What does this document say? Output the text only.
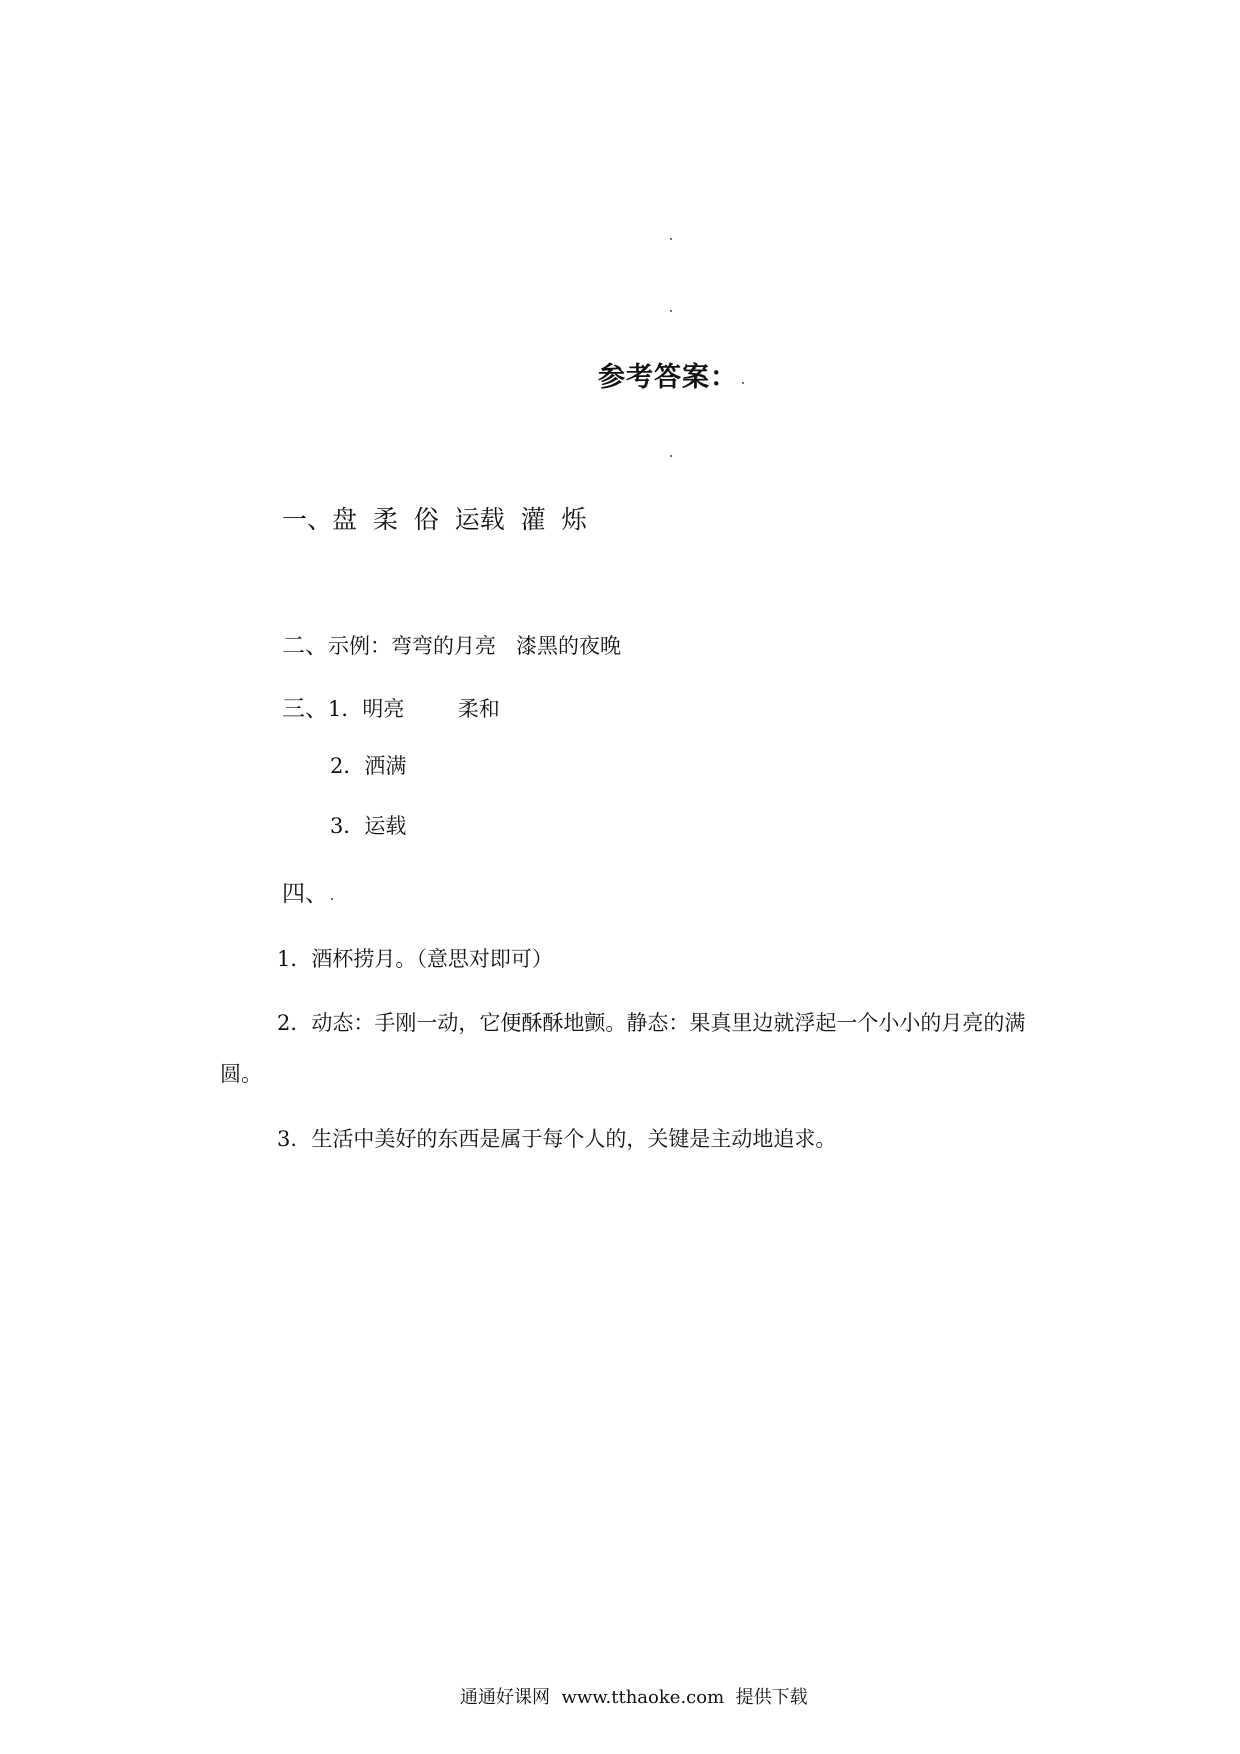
参考答案：
一、盘  柔  俗  运载  灌  烁
二、示例：弯弯的月亮   漆黑的夜晚
三、1．明亮        柔和
2．洒满
3．运载
四、
1．酒杯捞月。（意思对即可）
2．动态：手刚一动，它便酥酥地颤。静态：果真里边就浮起一个小小的月亮的满
圆。
3．生活中美好的东西是属于每个人的，关键是主动地追求。
通通好课网  www.tthaoke.com  提供下载
